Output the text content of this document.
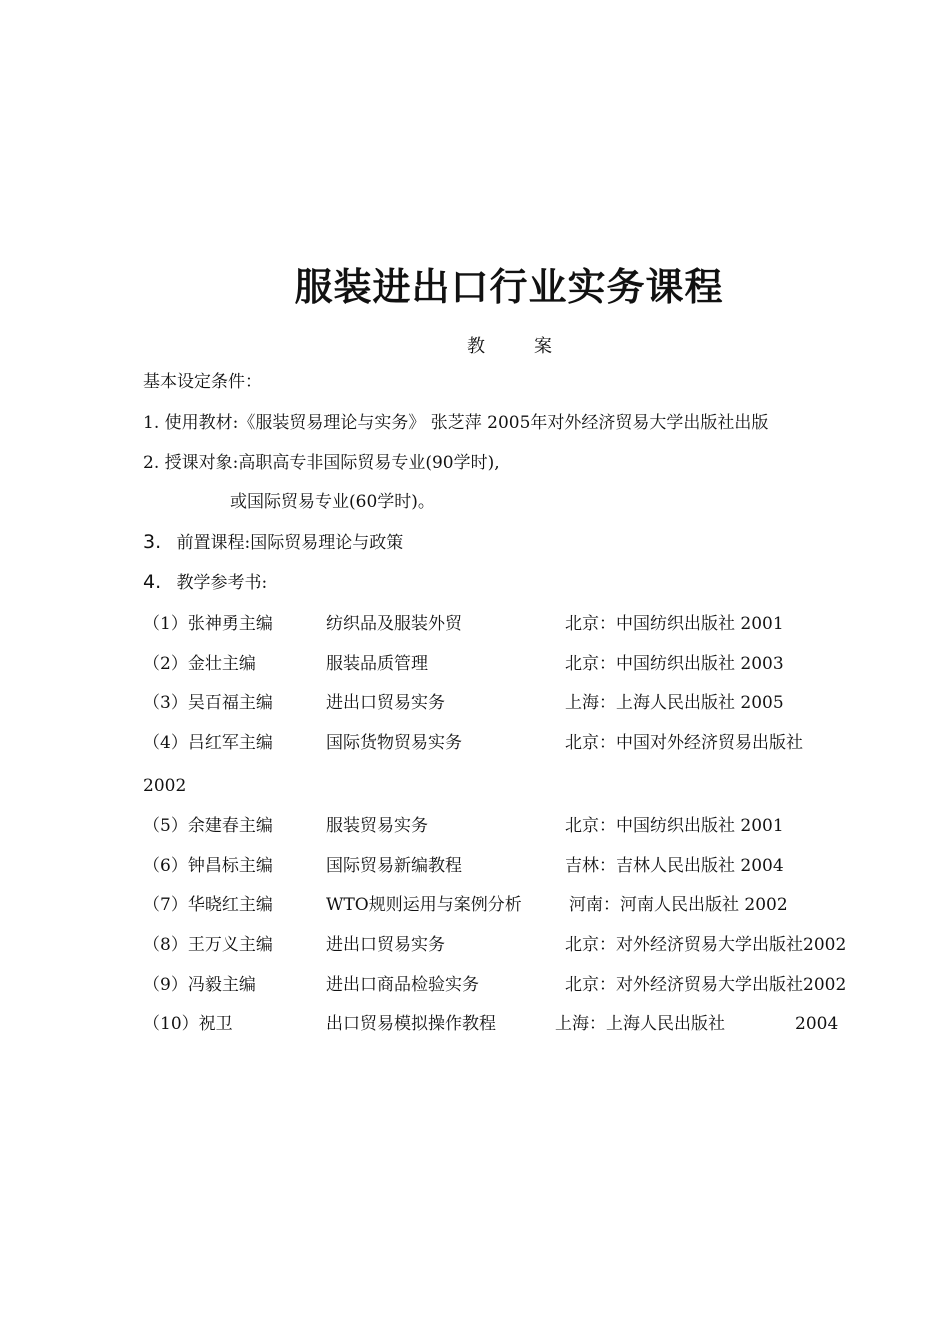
服装进出口行业实务课程
教	案
基本设定条件：
1. 使用教材:《服装贸易理论与实务》 张芝萍 2005年对外经济贸易大学出版社出版
2. 授课对象:高职高专非国际贸易专业(90学时),
或国际贸易专业(60学时)。
3. 前置课程:国际贸易理论与政策
4. 教学参考书:
（1）张神勇主编	纺织品及服装外贸	北京：中国纺织出版社 2001
（2）金壮主编	服装品质管理	北京：中国纺织出版社 2003
（3）吴百福主编	进出口贸易实务	上海：上海人民出版社 2005
（4）吕红军主编	国际货物贸易实务	北京：中国对外经济贸易出版社
2002
（5）余建春主编	服装贸易实务	北京：中国纺织出版社 2001
（6）钟昌标主编	国际贸易新编教程	吉林：吉林人民出版社 2004
（7）华晓红主编	WTO规则运用与案例分析	河南：河南人民出版社 2002
（8）王万义主编	进出口贸易实务	北京：对外经济贸易大学出版社2002
（9）冯毅主编	进出口商品检验实务	北京：对外经济贸易大学出版社2002
（10）祝卫	出口贸易模拟操作教程	上海：上海人民出版社	2004
